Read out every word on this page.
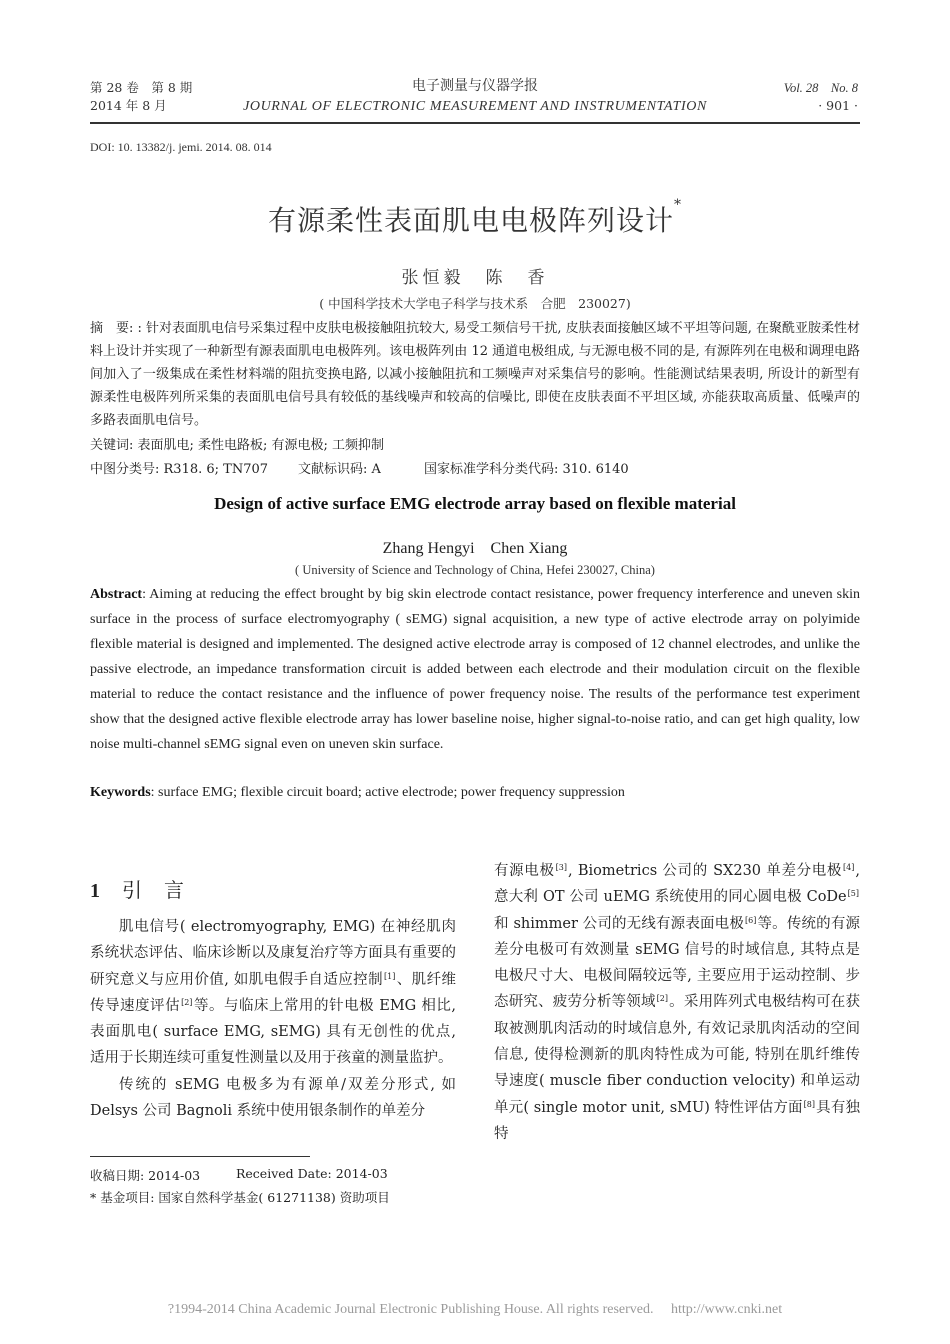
第 28 卷　第 8 期
2014 年 8 月
电子测量与仪器学报
JOURNAL OF ELECTRONIC MEASUREMENT AND INSTRUMENTATION
Vol. 28　No. 8
· 901 ·
DOI: 10. 13382/j. jemi. 2014. 08. 014
有源柔性表面肌电电极阵列设计*
张恒毅　陈　香
( 中国科学技术大学电子科学与技术系　合肥　230027)
摘　要: : 针对表面肌电信号采集过程中皮肤电极接触阻抗较大, 易受工频信号干扰, 皮肤表面接触区域不平坦等问题, 在聚酰亚胺柔性材料上设计并实现了一种新型有源表面肌电电极阵列。该电极阵列由 12 通道电极组成, 与无源电极不同的是, 有源阵列在电极和调理电路间加入了一级集成在柔性材料端的阻抗变换电路, 以减小接触阻抗和工频噪声对采集信号的影响。性能测试结果表明, 所设计的新型有源柔性电极阵列所采集的表面肌电信号具有较低的基线噪声和较高的信噪比, 即使在皮肤表面不平坦区域, 亦能获取高质量、低噪声的多路表面肌电信号。
关键词: 表面肌电; 柔性电路板; 有源电极; 工频抑制
中图分类号: R318. 6; TN707 文献标识码: A	国家标准学科分类代码: 310. 6140
Design of active surface EMG electrode array based on flexible material
Zhang Hengyi　Chen Xiang
( University of Science and Technology of China, Hefei 230027, China)
Abstract: Aiming at reducing the effect brought by big skin electrode contact resistance, power frequency interference and uneven skin surface in the process of surface electromyography ( sEMG) signal acquisition, a new type of active electrode array on polyimide flexible material is designed and implemented. The designed active electrode array is composed of 12 channel electrodes, and unlike the passive electrode, an impedance transformation circuit is added between each electrode and their modulation circuit on the flexible material to reduce the contact resistance and the influence of power frequency noise. The results of the performance test experiment show that the designed active flexible electrode array has lower baseline noise, higher signal-to-noise ratio, and can get high quality, low noise multi-channel sEMG signal even on uneven skin surface.
Keywords: surface EMG; flexible circuit board; active electrode; power frequency suppression
1 引言

肌电信号( electromyography, EMG) 在神经肌肉系统状态评估、临床诊断以及康复治疗等方面具有重要的研究意义与应用价值, 如肌电假手自适应控制[1]、肌纤维传导速度评估[2]等。与临床上常用的针电极 EMG 相比, 表面肌电( surface EMG, sEMG) 具有无创性的优点, 适用于长期连续可重复性测量以及用于孩童的测量监护。

传统的 sEMG 电极多为有源单/双差分形式, 如 Delsys 公司 Bagnoli 系统中使用银条制作的单差分

有源电极[3], Biometrics 公司的 SX230 单差分电极[4], 意大利 OT 公司 uEMG 系统使用的同心圆电极 CoDe[5]和 shimmer 公司的无线有源表面电极[6]等。传统的有源差分电极可有效测量 sEMG 信号的时域信息, 其特点是电极尺寸大、电极间隔较远等, 主要应用于运动控制、步态研究、疲劳分析等领域[2]。采用阵列式电极结构可在获取被测肌肉活动的时域信息外, 有效记录肌肉活动的空间信息, 使得检测新的肌肉特性成为可能, 特别在肌纤维传导速度( muscle fiber conduction velocity) 和单运动单元( single motor unit, sMU) 特性评估方面[8]具有独特

收稿日期: 2014-03	Received Date: 2014-03
* 基金项目: 国家自然科学基金( 61271138) 资助项目
?1994-2014 China Academic Journal Electronic Publishing House. All rights reserved.　 http://www.cnki.net
